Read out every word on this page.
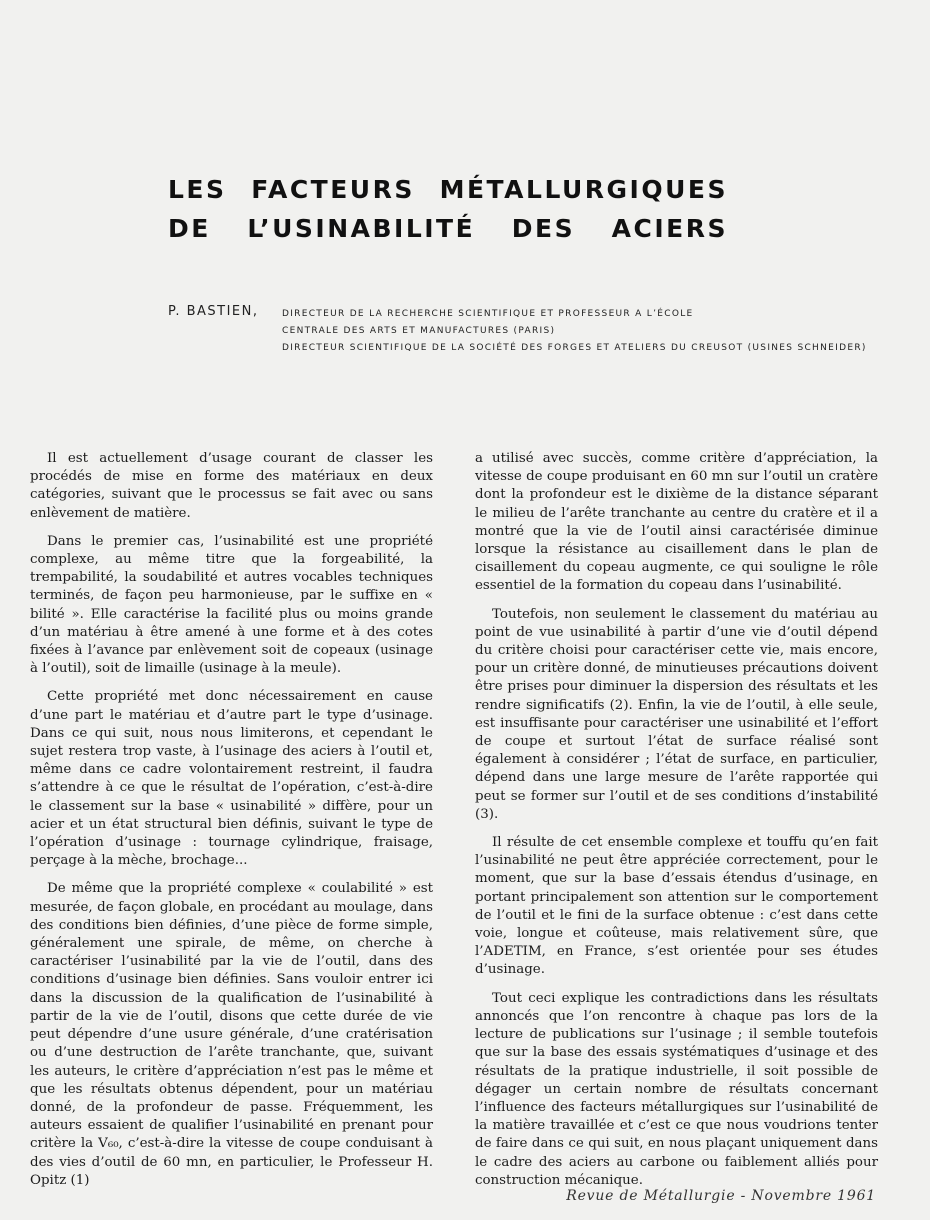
LES FACTEURS MÉTALLURGIQUES
DE L’USINABILITÉ DES ACIERS
P. BASTIEN,	DIRECTEUR DE LA RECHERCHE SCIENTIFIQUE ET PROFESSEUR A L’ÉCOLE
CENTRALE DES ARTS ET MANUFACTURES (PARIS)
DIRECTEUR SCIENTIFIQUE DE LA SOCIÉTÉ DES FORGES ET ATELIERS DU CREUSOT (USINES SCHNEIDER)

Il est actuellement d’usage courant de classer les procédés de mise en forme des matériaux en deux catégories, suivant que le processus se fait avec ou sans enlèvement de matière.

Dans le premier cas, l’usinabilité est une propriété complexe, au même titre que la forgeabilité, la trempabilité, la soudabilité et autres vocables techniques terminés, de façon peu harmonieuse, par le suffixe en « bilité ». Elle caractérise la facilité plus ou moins grande d’un matériau à être amené à une forme et à des cotes fixées à l’avance par enlèvement soit de copeaux (usinage à l’outil), soit de limaille (usinage à la meule).

Cette propriété met donc nécessairement en cause d’une part le matériau et d’autre part le type d’usinage. Dans ce qui suit, nous nous limiterons, et cependant le sujet restera trop vaste, à l’usinage des aciers à l’outil et, même dans ce cadre volontairement restreint, il faudra s’attendre à ce que le résultat de l’opération, c’est-à-dire le classement sur la base « usinabilité » diffère, pour un acier et un état structural bien définis, suivant le type de l’opération d’usinage : tournage cylindrique, fraisage, perçage à la mèche, brochage...

De même que la propriété complexe « coulabilité » est mesurée, de façon globale, en procédant au moulage, dans des conditions bien définies, d’une pièce de forme simple, généralement une spirale, de même, on cherche à caractériser l’usinabilité par la vie de l’outil, dans des conditions d’usinage bien définies. Sans vouloir entrer ici dans la discussion de la qualification de l’usinabilité à partir de la vie de l’outil, disons que cette durée de vie peut dépendre d’une usure générale, d’une cratérisation ou d’une destruction de l’arête tranchante, que, suivant les auteurs, le critère d’appréciation n’est pas le même et que les résultats obtenus dépendent, pour un matériau donné, de la profondeur de passe. Fréquemment, les auteurs essaient de qualifier l’usinabilité en prenant pour critère la V₆₀, c’est-à-dire la vitesse de coupe conduisant à des vies d’outil de 60 mn, en particulier, le Professeur H. Opitz (1)

a utilisé avec succès, comme critère d’appréciation, la vitesse de coupe produisant en 60 mn sur l’outil un cratère dont la profondeur est le dixième de la distance séparant le milieu de l’arête tranchante au centre du cratère et il a montré que la vie de l’outil ainsi caractérisée diminue lorsque la résistance au cisaillement dans le plan de cisaillement du copeau augmente, ce qui souligne le rôle essentiel de la formation du copeau dans l’usinabilité.

Toutefois, non seulement le classement du matériau au point de vue usinabilité à partir d’une vie d’outil dépend du critère choisi pour caractériser cette vie, mais encore, pour un critère donné, de minutieuses précautions doivent être prises pour diminuer la dispersion des résultats et les rendre significatifs (2). Enfin, la vie de l’outil, à elle seule, est insuffisante pour caractériser une usinabilité et l’effort de coupe et surtout l’état de surface réalisé sont également à considérer ; l’état de surface, en particulier, dépend dans une large mesure de l’arête rapportée qui peut se former sur l’outil et de ses conditions d’instabilité (3).

Il résulte de cet ensemble complexe et touffu qu’en fait l’usinabilité ne peut être appréciée correctement, pour le moment, que sur la base d’essais étendus d’usinage, en portant principalement son attention sur le comportement de l’outil et le fini de la surface obtenue : c’est dans cette voie, longue et coûteuse, mais relativement sûre, que l’ADETIM, en France, s’est orientée pour ses études d’usinage.

Tout ceci explique les contradictions dans les résultats annoncés que l’on rencontre à chaque pas lors de la lecture de publications sur l’usinage ; il semble toutefois que sur la base des essais systématiques d’usinage et des résultats de la pratique industrielle, il soit possible de dégager un certain nombre de résultats concernant l’influence des facteurs métallurgiques sur l’usinabilité de la matière travaillée et c’est ce que nous voudrions tenter de faire dans ce qui suit, en nous plaçant uniquement dans le cadre des aciers au carbone ou faiblement alliés pour construction mécanique.

Revue de Métallurgie - Novembre 1961
